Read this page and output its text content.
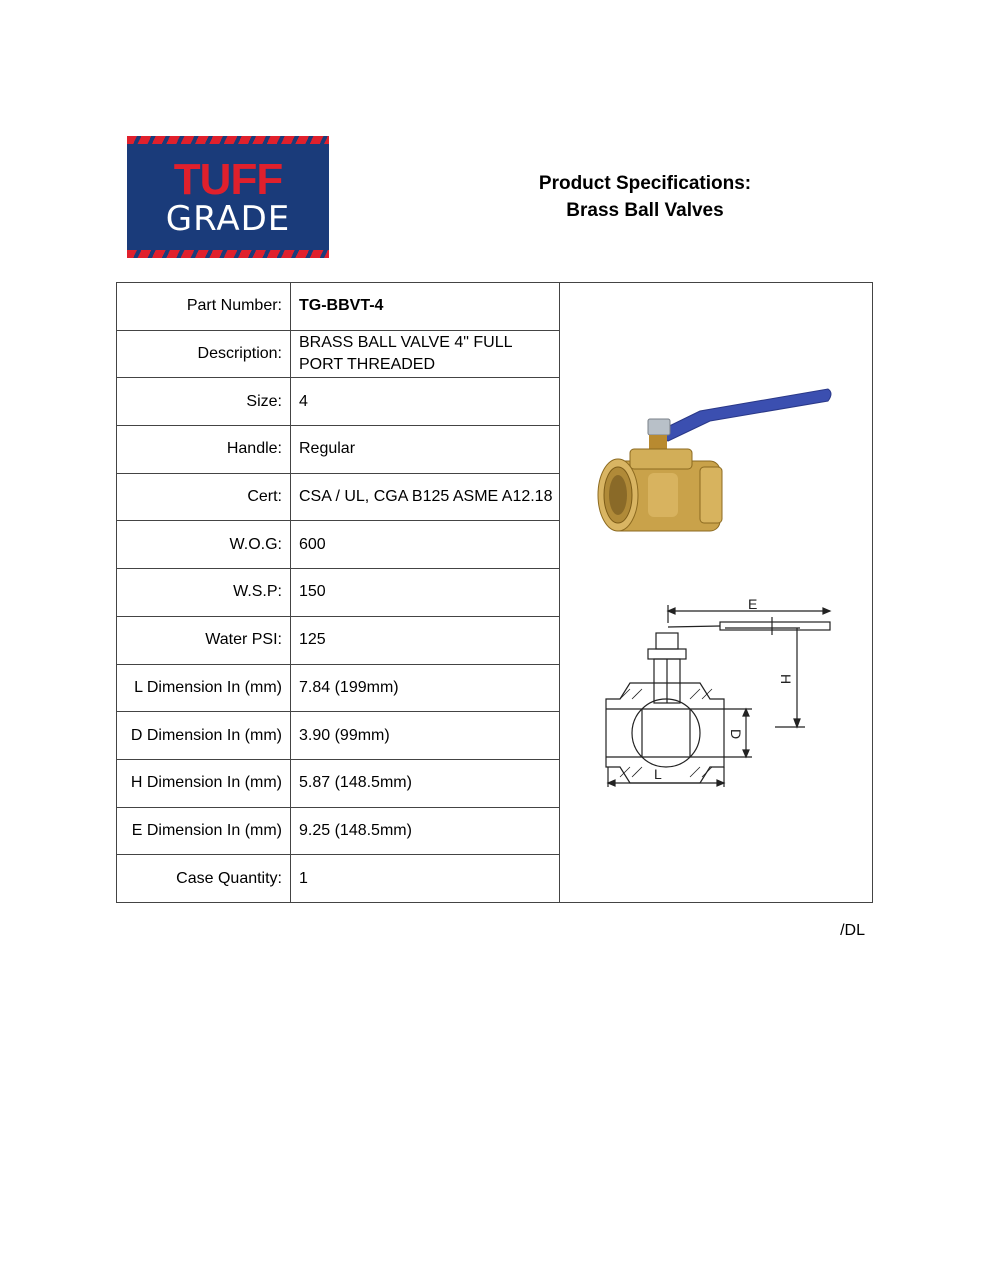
TUFF
GRADE
Product Specifications:
Brass Ball Valves
Part Number:	TG-BBVT-4	E
H
D
L

Description:	BRASS BALL VALVE 4" FULL PORT THREADED	
Size:	4	
Handle:	Regular	
Cert:	CSA / UL, CGA B125 ASME A12.18	
W.O.G:	600	
W.S.P:	150	
Water PSI:	125	
L Dimension In (mm)	7.84 (199mm)	
D Dimension In (mm)	3.90 (99mm)	
H Dimension In (mm)	5.87 (148.5mm)	
E Dimension In (mm)	9.25 (148.5mm)	
Case Quantity:	1	
/DL
